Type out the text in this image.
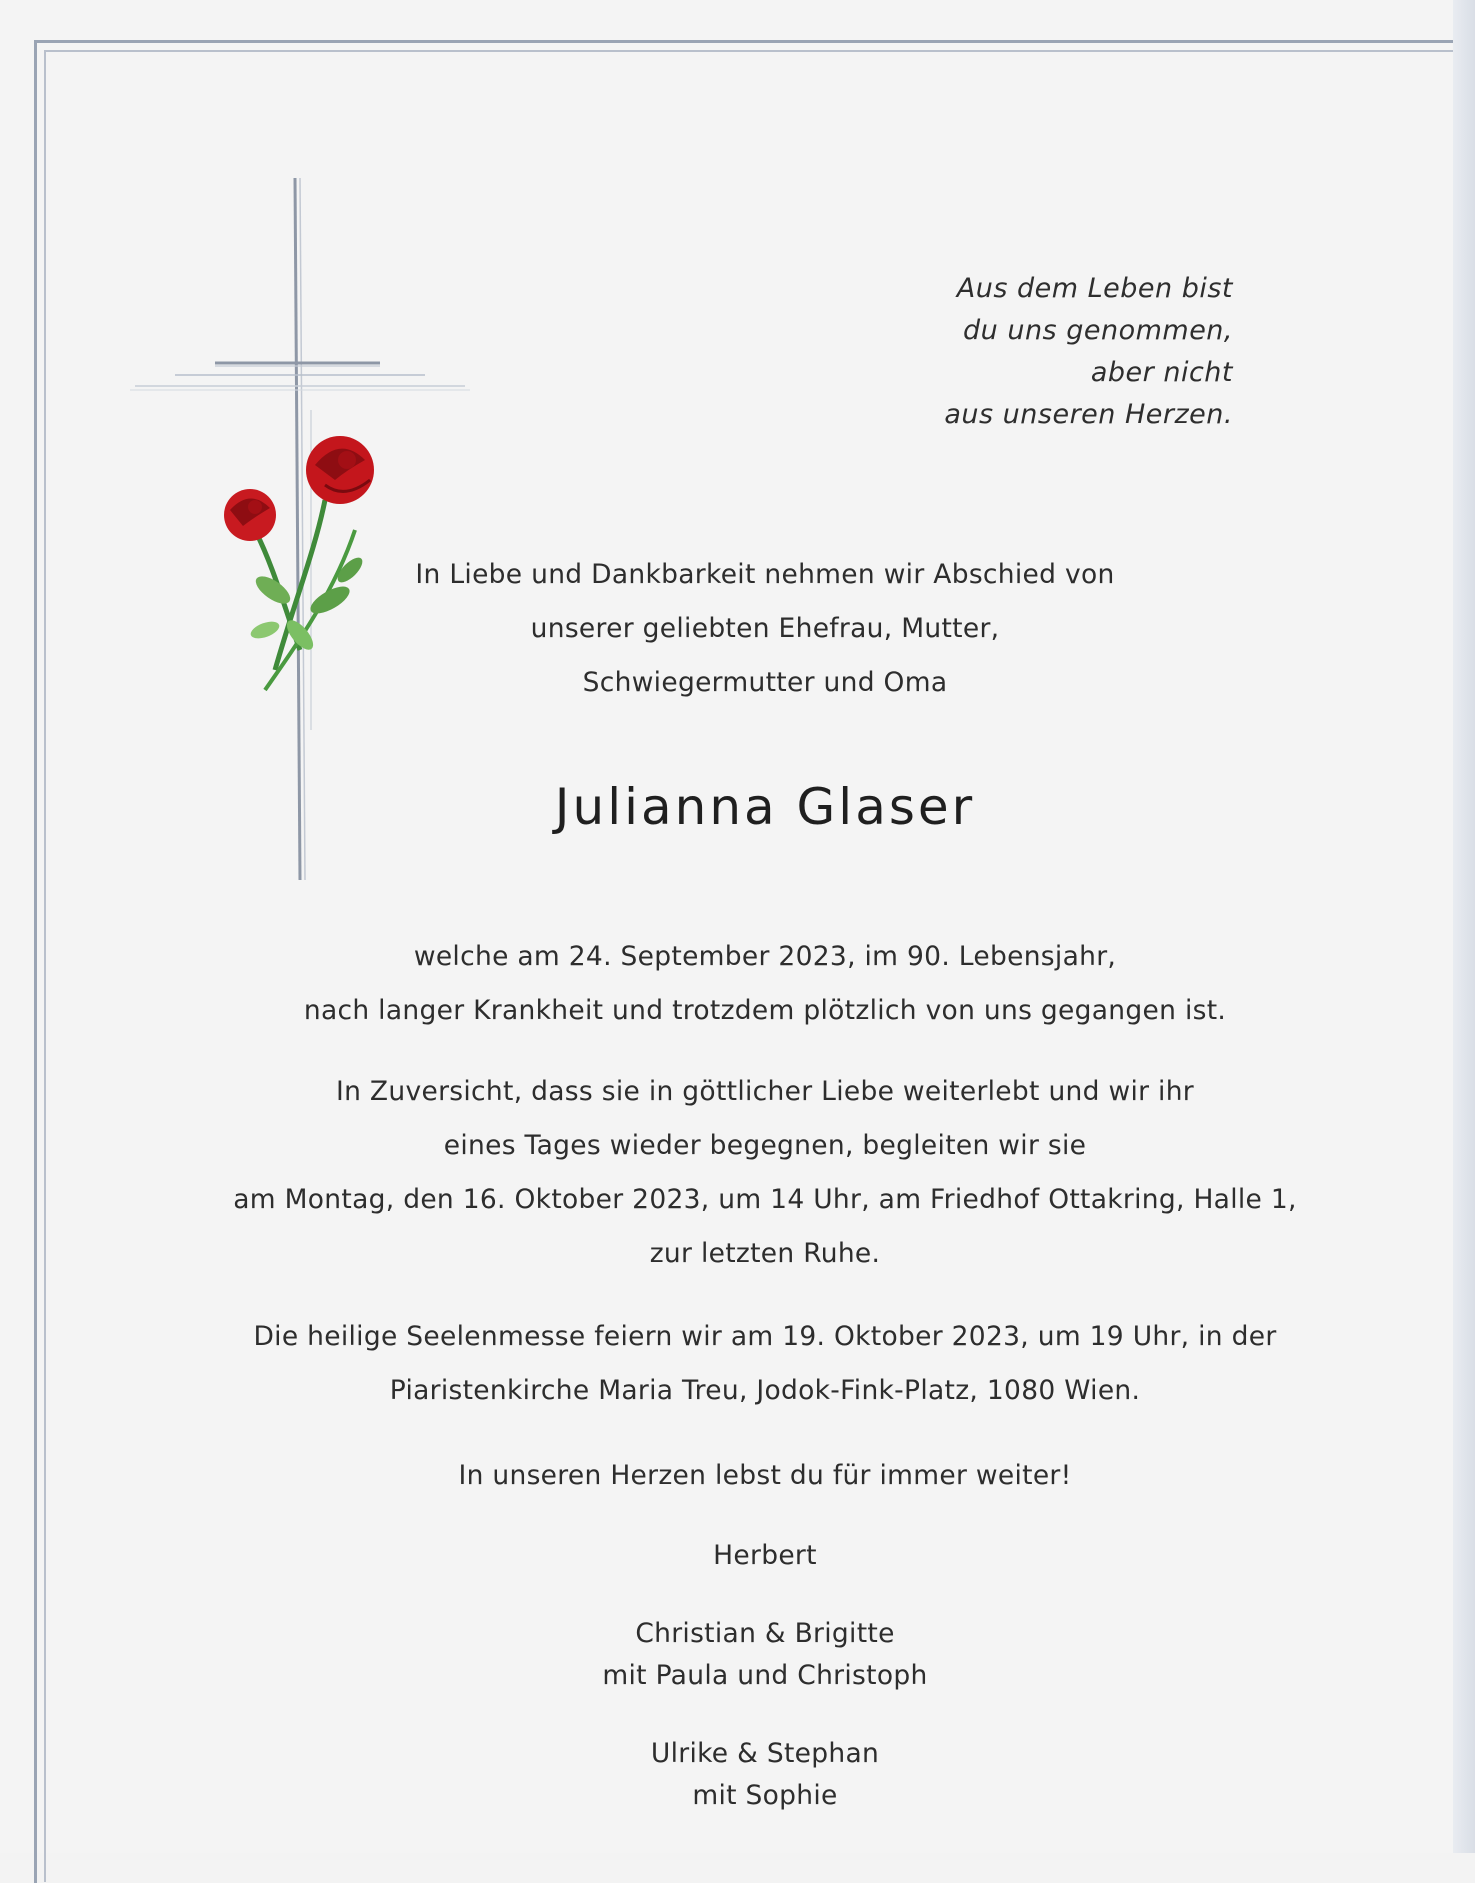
Aus dem Leben bist
du uns genommen,
aber nicht
aus unseren Herzen.
In Liebe und Dankbarkeit nehmen wir Abschied von
unserer geliebten Ehefrau, Mutter,
Schwiegermutter und Oma
Julianna Glaser
welche am 24. September 2023, im 90. Lebensjahr,
nach langer Krankheit und trotzdem plötzlich von uns gegangen ist.
In Zuversicht, dass sie in göttlicher Liebe weiterlebt und wir ihr
eines Tages wieder begegnen, begleiten wir sie
am Montag, den 16. Oktober 2023, um 14 Uhr, am Friedhof Ottakring, Halle 1,
zur letzten Ruhe.
Die heilige Seelenmesse feiern wir am 19. Oktober 2023, um 19 Uhr, in der
Piaristenkirche Maria Treu, Jodok-Fink-Platz, 1080 Wien.
In unseren Herzen lebst du für immer weiter!
Herbert
Christian & Brigitte
mit Paula und Christoph
Ulrike & Stephan
mit Sophie
